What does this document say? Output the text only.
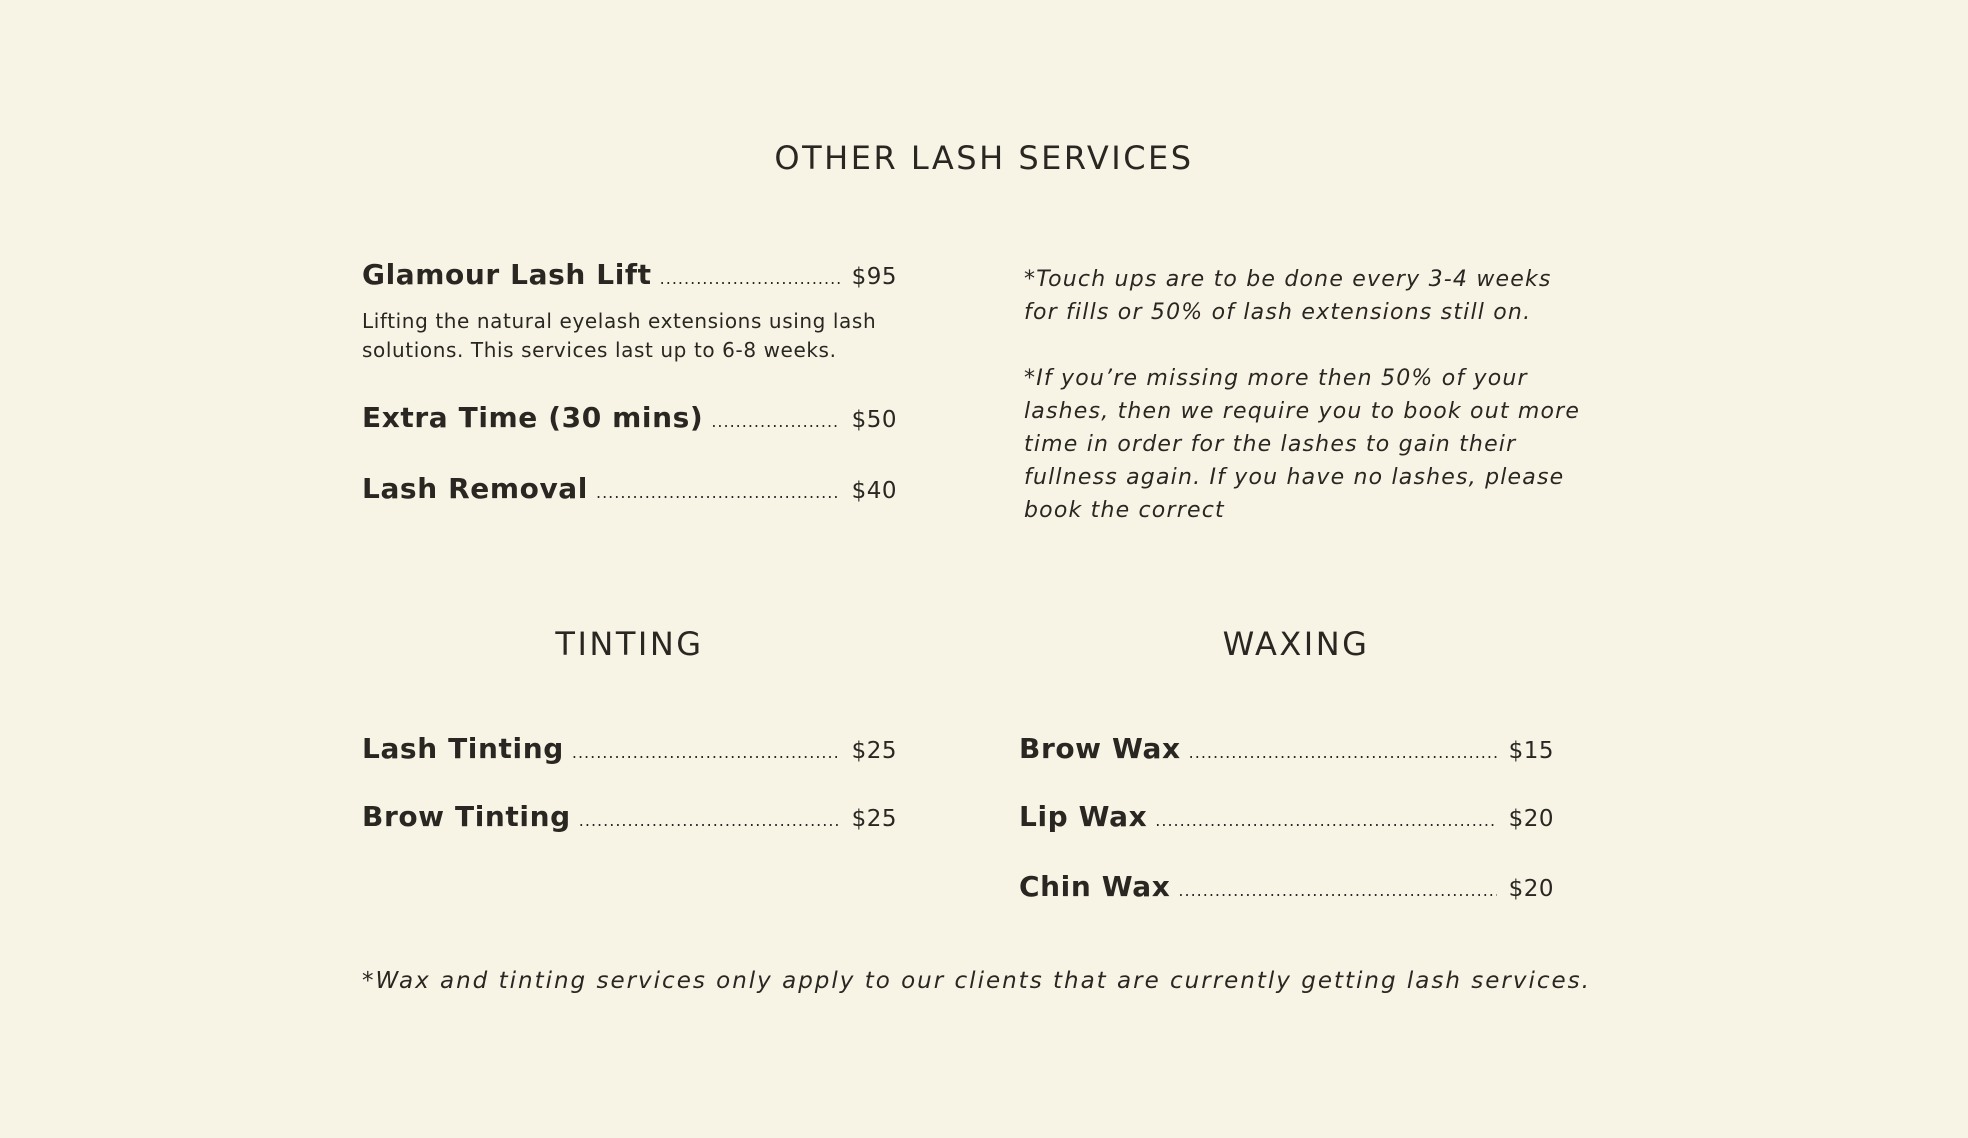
OTHER LASH SERVICES
Glamour Lash Lift .....	$95

Lifting the natural eyelash extensions using lash solutions. This services last up to 6-8 weeks.

Extra Time (30 mins) .....	$50
Lash Removal .....	$40

*Touch ups are to be done every 3-4 weeks for fills or 50% of lash extensions still on.

*If you’re missing more then 50% of your lashes, then we require you to book out more time in order for the lashes to gain their fullness again. If you have no lashes, please book the correct

TINTING
Lash Tinting .....	$25
Brow Tinting .....	$25
WAXING
Brow Wax .....	$15
Lip Wax .....	$20
Chin Wax .....	$20

*Wax and tinting services only apply to our clients that are currently getting lash services.
